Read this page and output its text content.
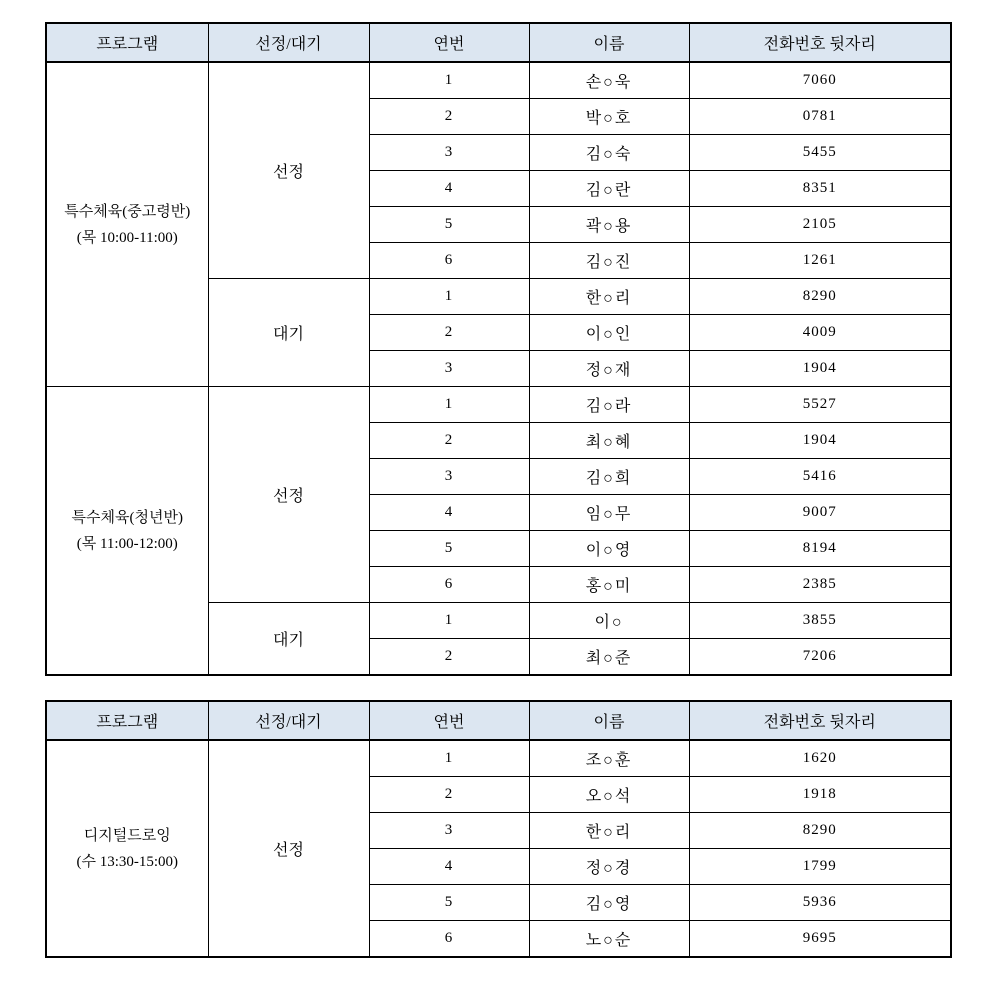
프로그램	선정/대기	연번	이름	전화번호 뒷자리

특수체육(중고령반)
(목 10:00-11:00)	선정	1	손○욱	7060
		2	박○호	0781
		3	김○숙	5455
		4	김○란	8351
		5	곽○용	2105
		6	김○진	1261
	대기	1	한○리	8290
		2	이○인	4009
		3	정○재	1904

특수체육(청년반)
(목 11:00-12:00)	선정	1	김○라	5527
		2	최○혜	1904
		3	김○희	5416
		4	임○무	9007
		5	이○영	8194
		6	홍○미	2385
	대기	1	이○	3855
		2	최○준	7206
프로그램	선정/대기	연번	이름	전화번호 뒷자리

디지털드로잉
(수 13:30-15:00)	선정	1	조○훈	1620
		2	오○석	1918
		3	한○리	8290
		4	정○경	1799
		5	김○영	5936
		6	노○순	9695
